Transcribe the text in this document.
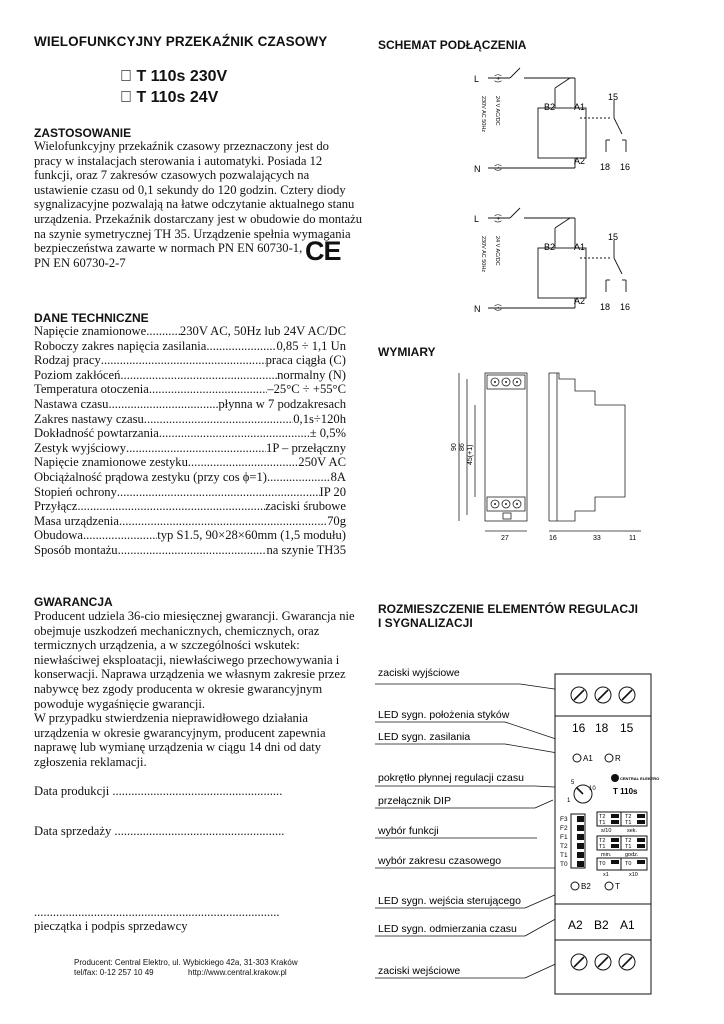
WIELOFUNKCYJNY PRZEKAŹNIK CZASOWY
T 110s 230V
T 110s 24V
ZASTOSOWANIE
Wielofunkcyjny przekaźnik czasowy przeznaczony jest do
pracy w instalacjach sterowania i automatyki. Posiada 12
funkcji, oraz 7 zakresów czasowych pozwalających na
ustawienie czasu od 0,1 sekundy do 120 godzin. Cztery diody
sygnalizacyjne pozwalają na łatwe odczytanie aktualnego stanu
urządzenia. Przekaźnik dostarczany jest w obudowie do montażu
na szynie symetrycznej TH 35. Urządzenie spełnia wymagania
bezpieczeństwa zawarte w normach PN EN 60730-1,
PN EN 60730-2-7	CE
DANE TECHNICZNE
Napięcie znamionowe .....	230V AC, 50Hz lub 24V AC/DC
Roboczy zakres napięcia zasilania .....	0,85 ÷ 1,1 Un
Rodzaj pracy .....	praca ciągła (C)
Poziom zakłóceń .....	normalny (N)
Temperatura otoczenia .....	–25°C ÷ +55°C
Nastawa czasu .....	płynna w 7 podzakresach
Zakres nastawy czasu .....	0,1s÷120h
Dokładność powtarzania .....	± 0,5%
Zestyk wyjściowy .....	1P – przełączny
Napięcie znamionowe zestyku .....	250V AC
Obciążalność prądowa zestyku (przy cos ϕ=1) .....	8A
Stopień ochrony .....	IP 20
Przyłącz .....	zaciski śrubowe
Masa urządzenia .....	70g
Obudowa .....	typ S1.5, 90×28×60mm (1,5 modułu)
Sposób montażu .....	na szynie TH35
GWARANCJA
Producent udziela 36-cio miesięcznej gwarancji. Gwarancja nie
obejmuje uszkodzeń mechanicznych, chemicznych, oraz
termicznych urządzenia, a w szczególności wskutek:
niewłaściwej eksploatacji, niewłaściwego przechowywania i
konserwacji. Naprawa urządzenia we własnym zakresie przez
nabywcę bez zgody producenta w okresie gwarancyjnym
powoduje wygaśnięcie gwarancji.
W przypadku stwierdzenia nieprawidłowego działania
urządzenia w okresie gwarancyjnym, producent zapewnia
naprawę lub wymianę urządzenia w ciągu 14 dni od daty
zgłoszenia reklamacji.
Data produkcji ......................................................
Data sprzedaży ......................................................
..............................................................................
pieczątka i podpis sprzedawcy
Producent: Central Elektro, ul. Wybickiego 42a, 31-303 Kraków
tel/fax: 0-12 257 10 49	http://www.central.krakow.pl
SCHEMAT PODŁĄCZENIA
L
N
(+)
(-)
24 V AC/DC
230V AC 50Hz	B2 A1
A2
15
18 16
L
N
(+)
(-)
24 V AC/DC
230V AC 50Hz	B2 A1
A2
15
18 16
WYMIARY
90 86 45(+1)
27	16	33	11
ROZMIESZCZENIE ELEMENTÓW REGULACJI
I SYGNALIZACJI
zaciski wyjściowe
LED sygn. położenia styków
LED sygn. zasilania
pokrętło płynnej regulacji czasu
przełącznik DIP
wybór funkcji
wybór zakresu czasowego
LED sygn. wejścia sterującego
LED sygn. odmierzania czasu
zaciski wejściowe
16 18 15
A2 B2 A1
A1	R
B2	T
5
10
1
CENTRAL ELEKTRO
T 110s
F3
F2
F1
T2
T1
T0
T2
T1
s/10
T2
T1
sek.
T2
T1
min.
T2
T1
godz.
T0
x1
T0
x10
